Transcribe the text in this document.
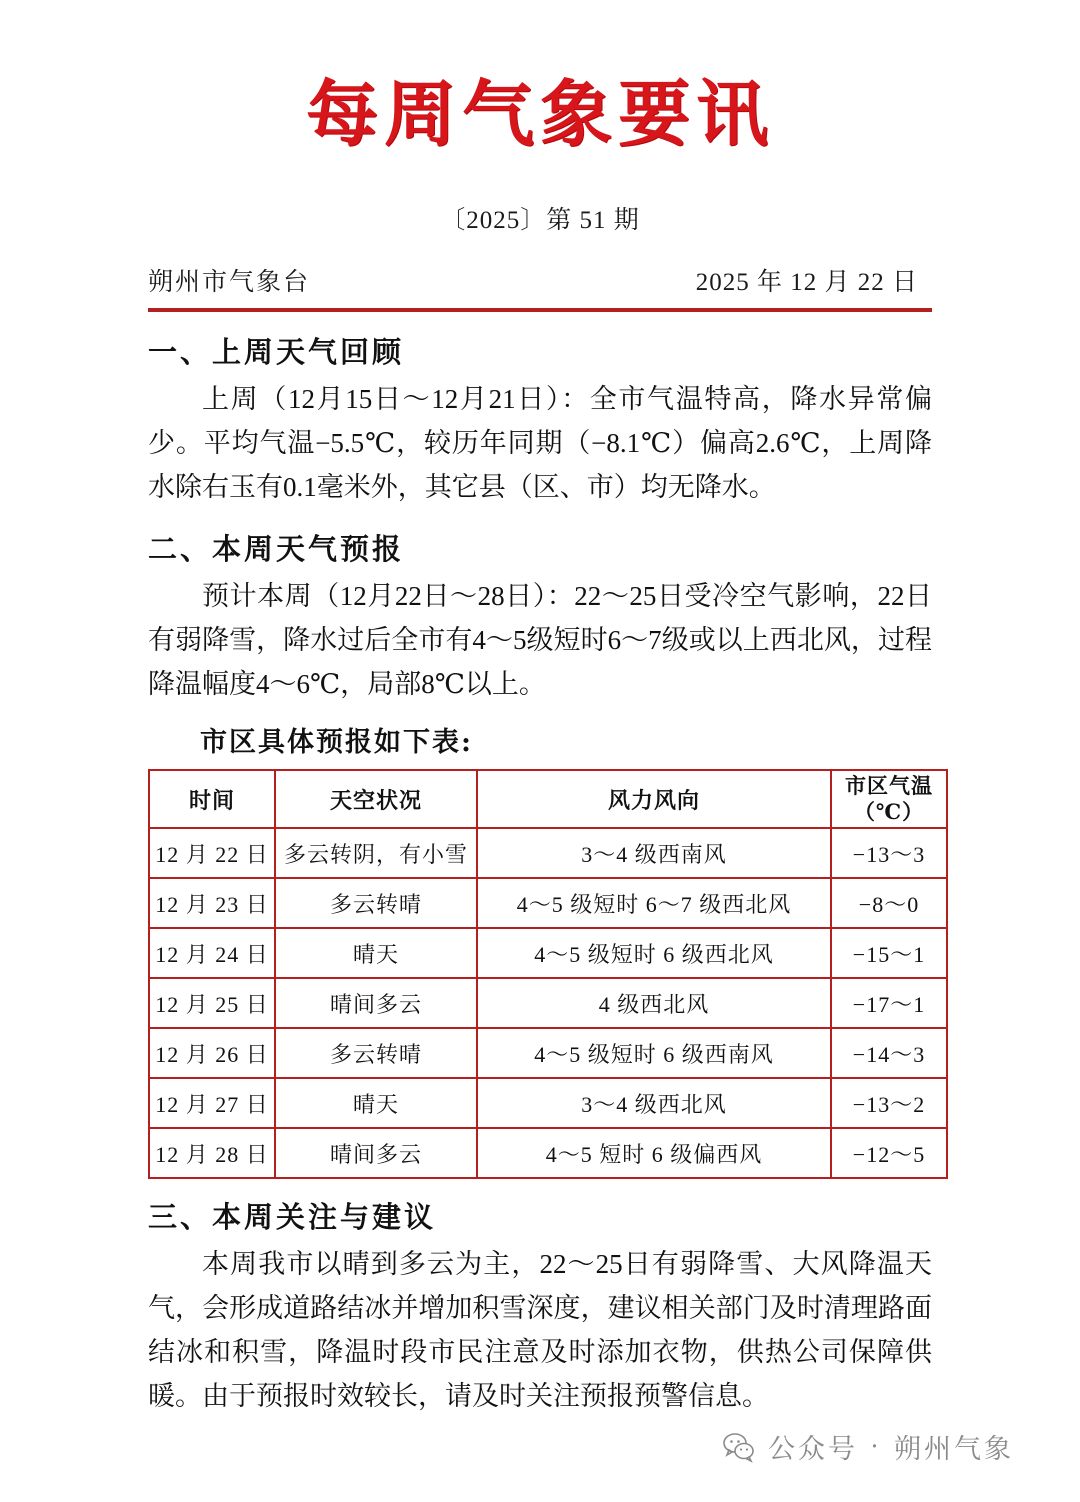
每周气象要讯
〔2025〕第 51 期
朔州市气象台	2025 年 12 月 22 日
一、上周天气回顾
上周（12月15日～12月21日）：全市气温特高，降水异常偏少。平均气温−5.5℃，较历年同期（−8.1℃）偏高2.6℃，上周降水除右玉有0.1毫米外，其它县（区、市）均无降水。
二、本周天气预报
预计本周（12月22日～28日）：22～25日受冷空气影响，22日有弱降雪，降水过后全市有4～5级短时6～7级或以上西北风，过程降温幅度4～6℃，局部8℃以上。
市区具体预报如下表:
时间	天空状况	风力风向	市区气温
（℃）

12 月 22 日	多云转阴，有小雪	3～4 级西南风	−13～3
12 月 23 日	多云转晴	4～5 级短时 6～7 级西北风	−8～0
12 月 24 日	晴天	4～5 级短时 6 级西北风	−15～1
12 月 25 日	晴间多云	4 级西北风	−17～1
12 月 26 日	多云转晴	4～5 级短时 6 级西南风	−14～3
12 月 27 日	晴天	3～4 级西北风	−13～2
12 月 28 日	晴间多云	4～5 短时 6 级偏西风	−12～5
三、本周关注与建议
本周我市以晴到多云为主，22～25日有弱降雪、大风降温天气，会形成道路结冰并增加积雪深度，建议相关部门及时清理路面结冰和积雪，降温时段市民注意及时添加衣物，供热公司保障供暖。由于预报时效较长，请及时关注预报预警信息。
公众号 · 朔州气象
